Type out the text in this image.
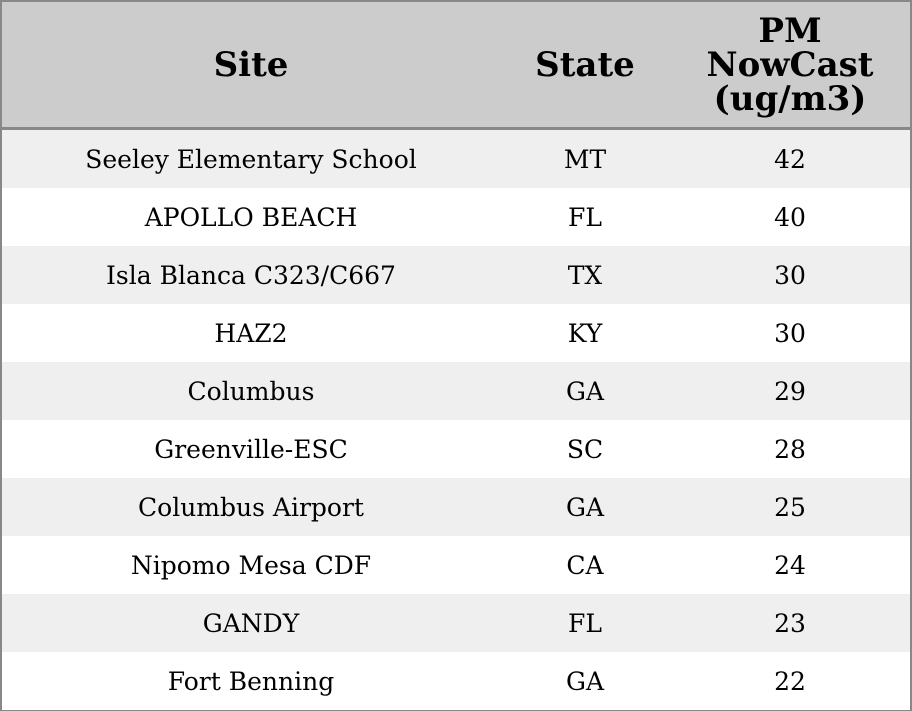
Site	State	PM
NowCast
(ug/m3)
Seeley Elementary School	MT	42
APOLLO BEACH	FL	40
Isla Blanca C323/C667	TX	30
HAZ2	KY	30
Columbus	GA	29
Greenville-ESC	SC	28
Columbus Airport	GA	25
Nipomo Mesa CDF	CA	24
GANDY	FL	23
Fort Benning	GA	22
